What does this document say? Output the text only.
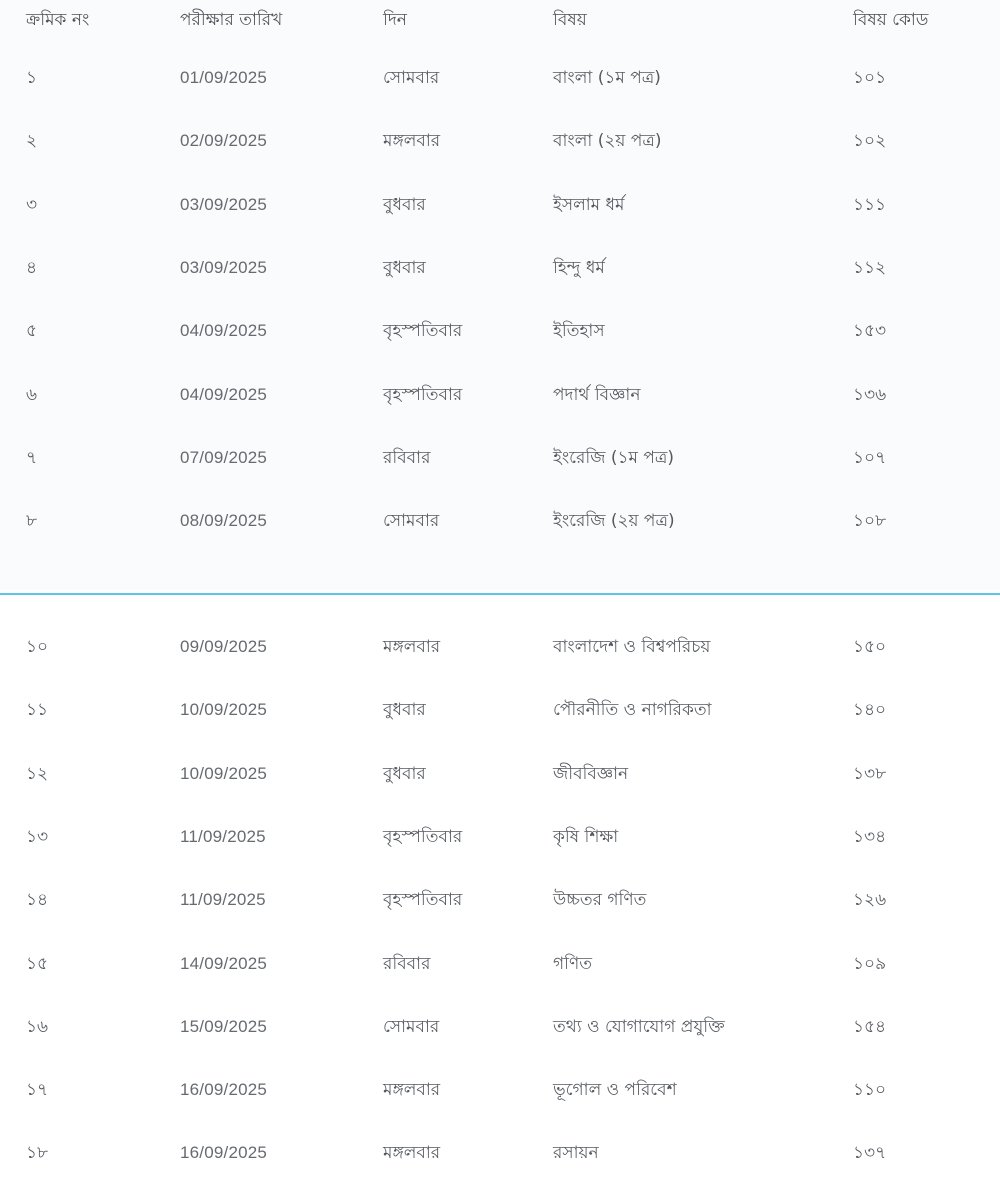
ক্রমিক নং	পরীক্ষার তারিখ	দিন	বিষয়	বিষয় কোড
১	01/09/2025	সোমবার	বাংলা (১ম পত্র)	১০১
২	02/09/2025	মঙ্গলবার	বাংলা (২য় পত্র)	১০২
৩	03/09/2025	বুধবার	ইসলাম ধর্ম	১১১
৪	03/09/2025	বুধবার	হিন্দু ধর্ম	১১২
৫	04/09/2025	বৃহস্পতিবার	ইতিহাস	১৫৩
৬	04/09/2025	বৃহস্পতিবার	পদার্থ বিজ্ঞান	১৩৬
৭	07/09/2025	রবিবার	ইংরেজি (১ম পত্র)	১০৭
৮	08/09/2025	সোমবার	ইংরেজি (২য় পত্র)	১০৮
১০	09/09/2025	মঙ্গলবার	বাংলাদেশ ও বিশ্বপরিচয়	১৫০
১১	10/09/2025	বুধবার	পৌরনীতি ও নাগরিকতা	১৪০
১২	10/09/2025	বুধবার	জীববিজ্ঞান	১৩৮
১৩	11/09/2025	বৃহস্পতিবার	কৃষি শিক্ষা	১৩৪
১৪	11/09/2025	বৃহস্পতিবার	উচ্চতর গণিত	১২৬
১৫	14/09/2025	রবিবার	গণিত	১০৯
১৬	15/09/2025	সোমবার	তথ্য ও যোগাযোগ প্রযুক্তি	১৫৪
১৭	16/09/2025	মঙ্গলবার	ভূগোল ও পরিবেশ	১১০
১৮	16/09/2025	মঙ্গলবার	রসায়ন	১৩৭
